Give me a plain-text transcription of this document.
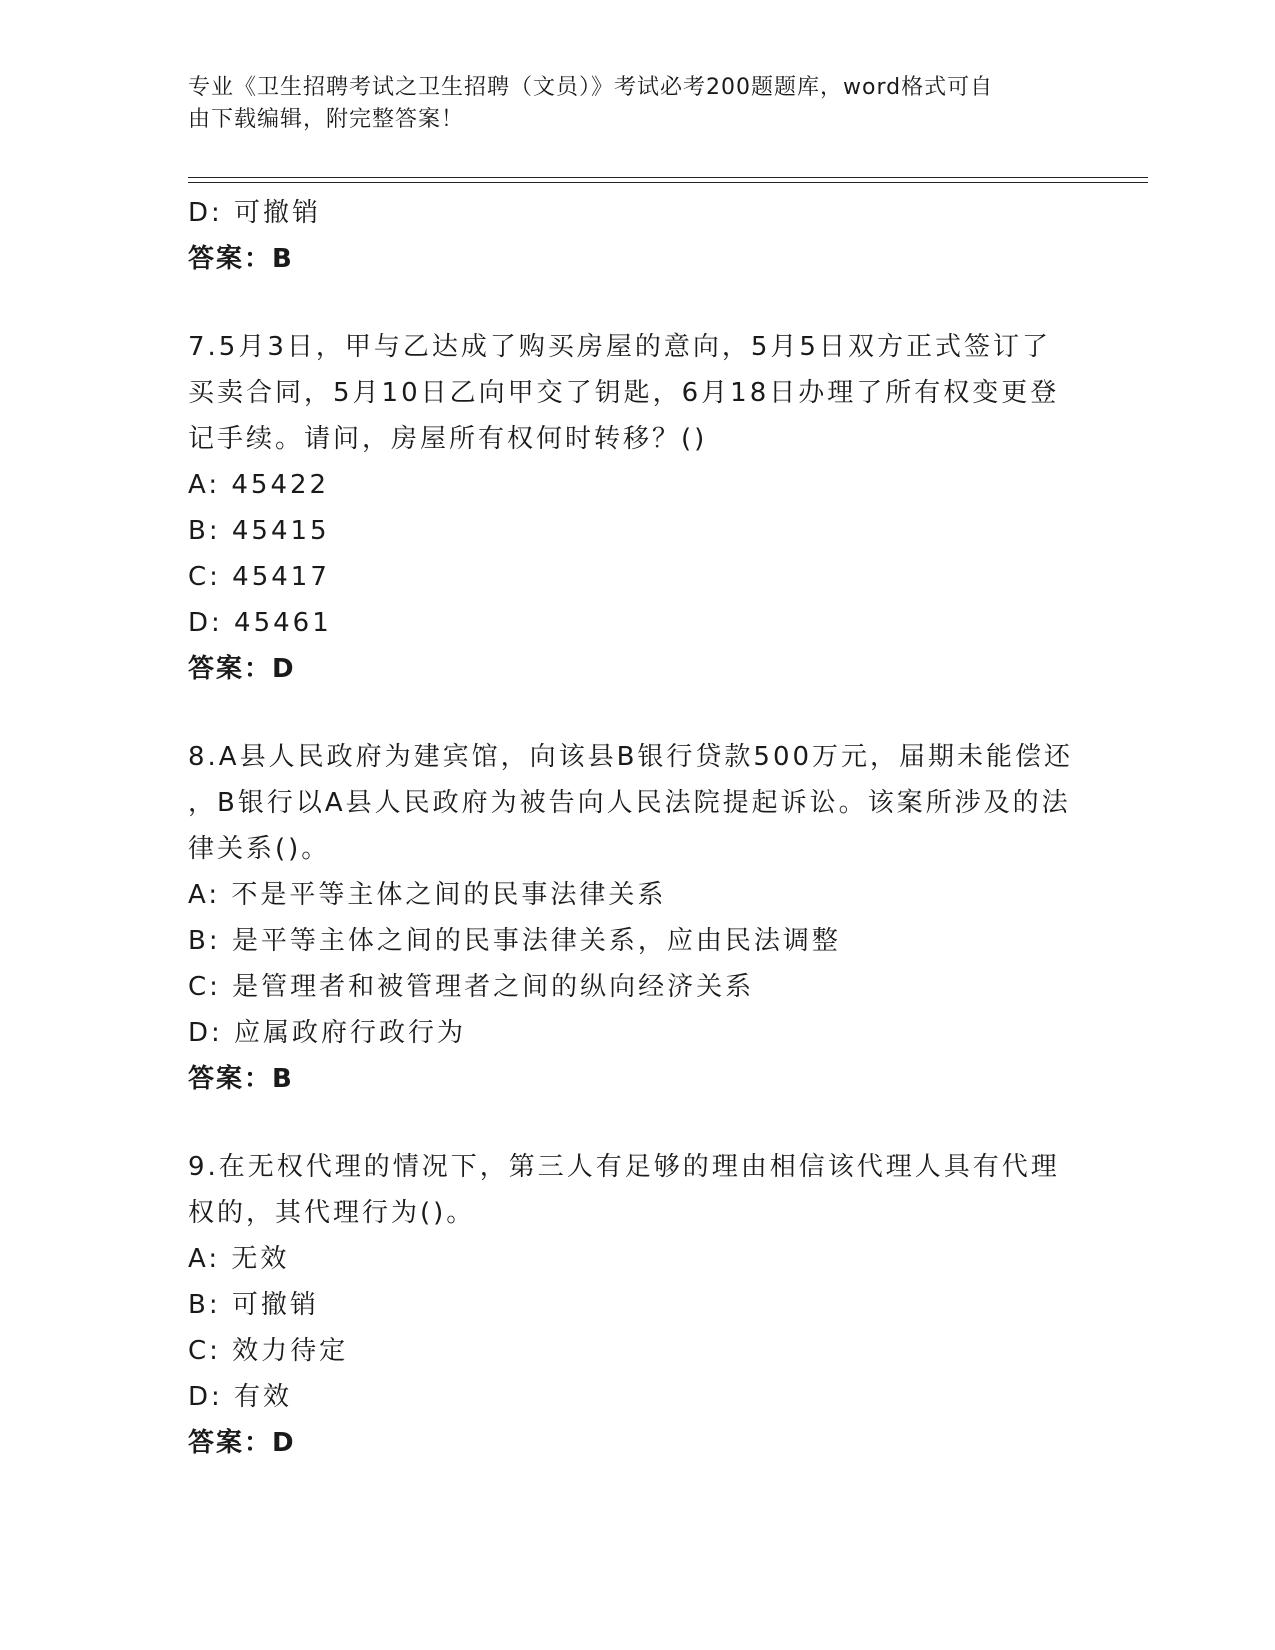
专业《卫生招聘考试之卫生招聘（文员）》考试必考200题题库，word格式可自
由下载编辑，附完整答案！
D: 可撤销
答案：B
7.5月3日，甲与乙达成了购买房屋的意向，5月5日双方正式签订了
买卖合同，5月10日乙向甲交了钥匙，6月18日办理了所有权变更登
记手续。请问，房屋所有权何时转移？()
A: 45422
B: 45415
C: 45417
D: 45461
答案：D
8.A县人民政府为建宾馆，向该县B银行贷款500万元，届期未能偿还
，B银行以A县人民政府为被告向人民法院提起诉讼。该案所涉及的法
律关系()。
A: 不是平等主体之间的民事法律关系
B: 是平等主体之间的民事法律关系，应由民法调整
C: 是管理者和被管理者之间的纵向经济关系
D: 应属政府行政行为
答案：B
9.在无权代理的情况下，第三人有足够的理由相信该代理人具有代理
权的，其代理行为()。
A: 无效
B: 可撤销
C: 效力待定
D: 有效
答案：D
